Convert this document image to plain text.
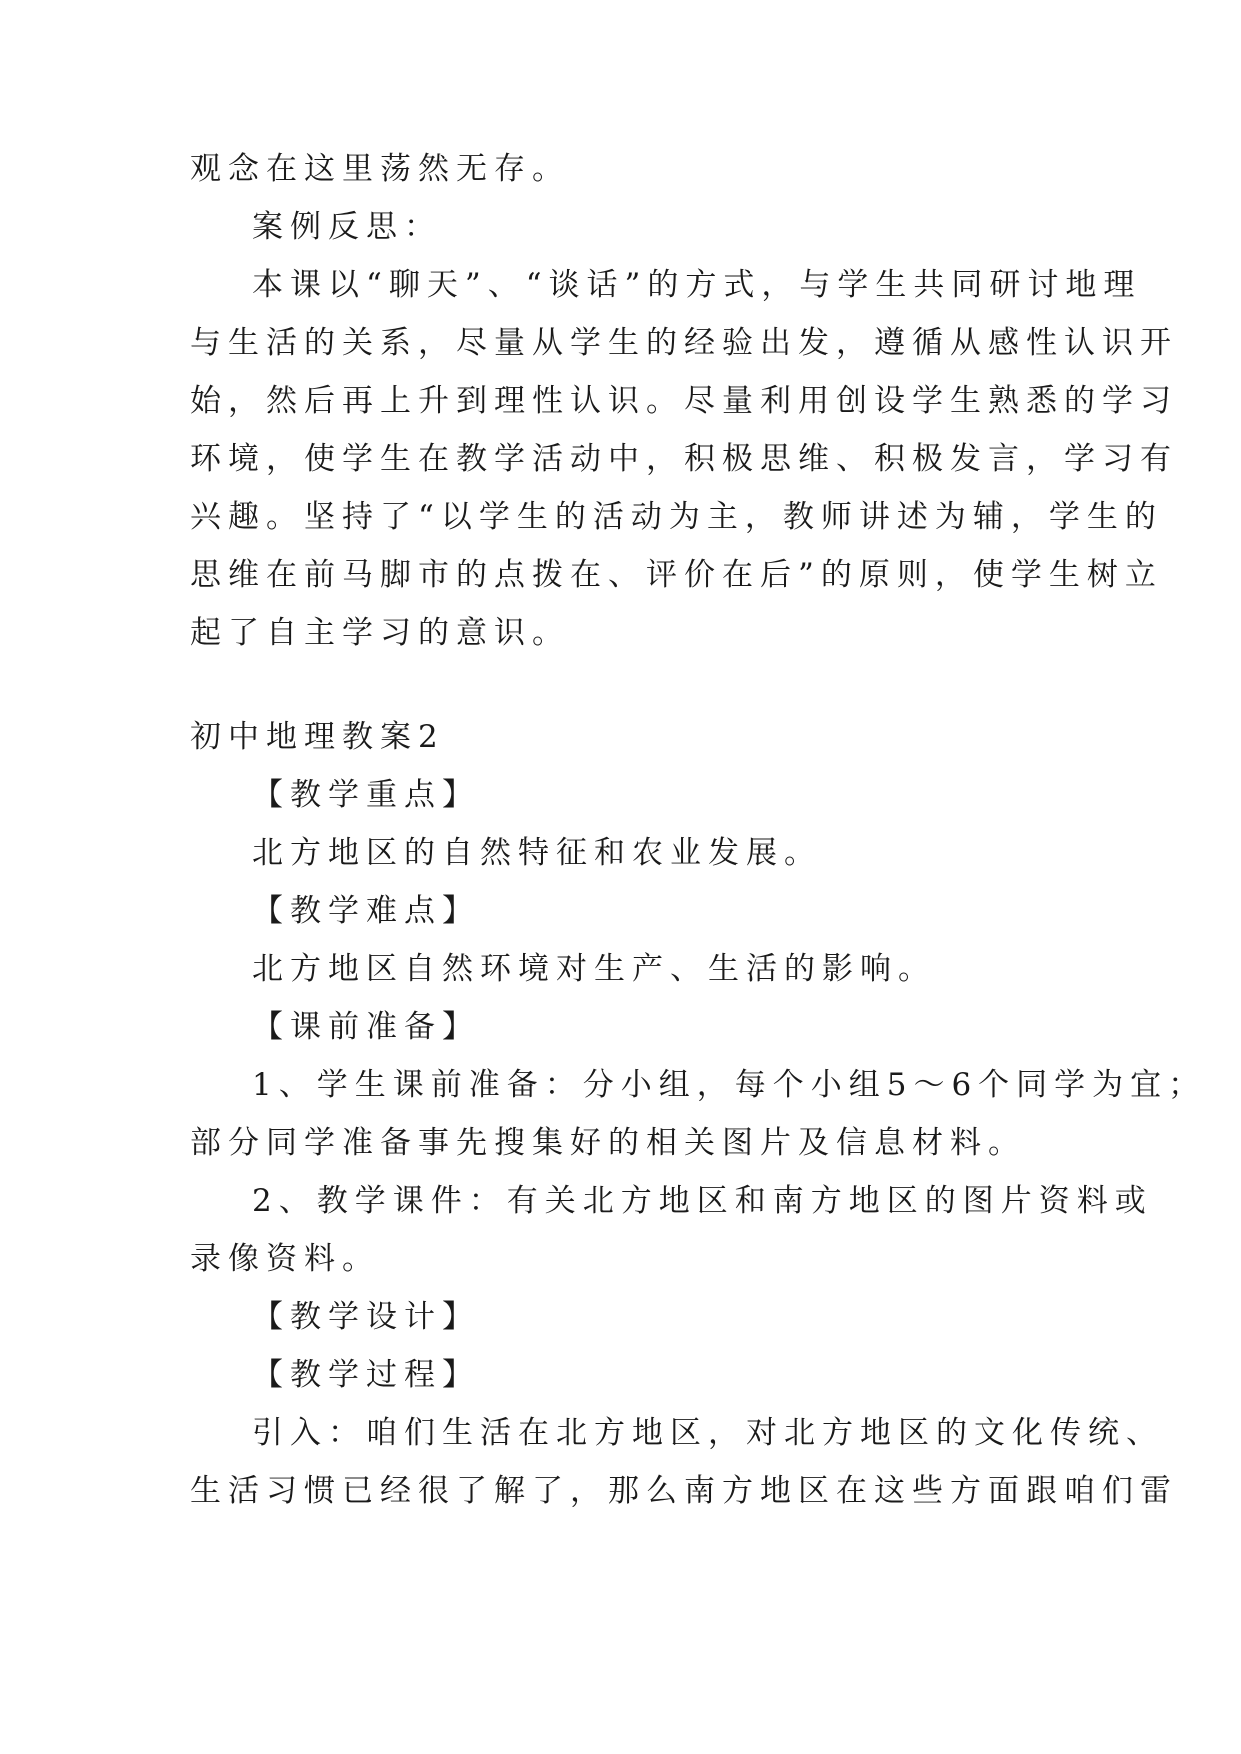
观念在这里荡然无存。
案例反思：
本课以“聊天”、“谈话”的方式，与学生共同研讨地理
与生活的关系，尽量从学生的经验出发，遵循从感性认识开
始，然后再上升到理性认识。尽量利用创设学生熟悉的学习
环境，使学生在教学活动中，积极思维、积极发言，学习有
兴趣。坚持了“以学生的活动为主，教师讲述为辅，学生的
思维在前马脚市的点拨在、评价在后”的原则，使学生树立
起了自主学习的意识。
初中地理教案2
【教学重点】
北方地区的自然特征和农业发展。
【教学难点】
北方地区自然环境对生产、生活的影响。
【课前准备】
1、学生课前准备：分小组，每个小组5～6个同学为宜；
部分同学准备事先搜集好的相关图片及信息材料。
2、教学课件：有关北方地区和南方地区的图片资料或
录像资料。
【教学设计】
【教学过程】
引入：咱们生活在北方地区，对北方地区的文化传统、
生活习惯已经很了解了，那么南方地区在这些方面跟咱们雷
